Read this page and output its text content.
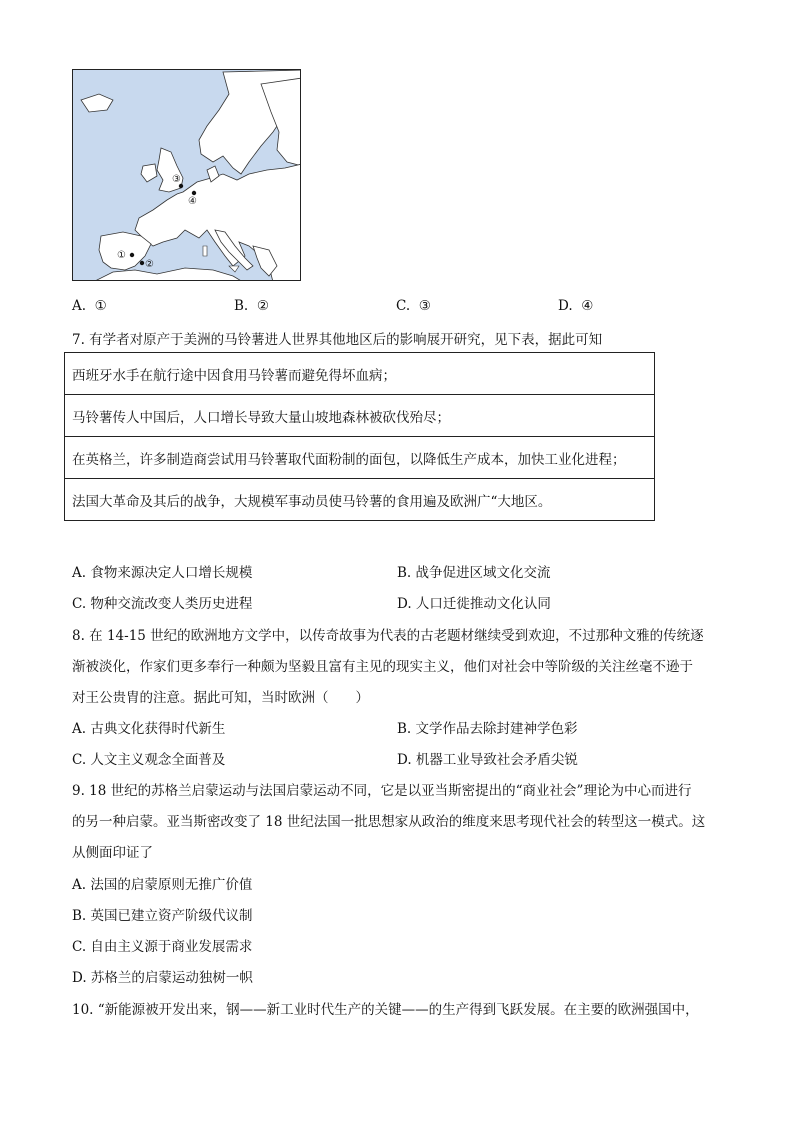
③
④
①
②
A. ①	B. ②	C. ③	D. ④
7. 有学者对原产于美洲的马铃薯进人世界其他地区后的影响展开研究，见下表，据此可知
西班牙水手在航行途中因食用马铃薯而避免得坏血病；
马铃薯传人中国后，人口增长导致大量山坡地森林被砍伐殆尽；
在英格兰，许多制造商尝试用马铃薯取代面粉制的面包，以降低生产成本，加快工业化进程；
法国大革命及其后的战争，大规模军事动员使马铃薯的食用遍及欧洲广“大地区。
A. 食物来源决定人口增长规模	B. 战争促进区域文化交流
C. 物种交流改变人类历史进程	D. 人口迁徙推动文化认同
8. 在 14-15 世纪的欧洲地方文学中，以传奇故事为代表的古老题材继续受到欢迎，不过那种文雅的传统逐
渐被淡化，作家们更多奉行一种颇为坚毅且富有主见的现实主义，他们对社会中等阶级的关注丝毫不逊于
对王公贵胄的注意。据此可知，当时欧洲（　　）
A. 古典文化获得时代新生	B. 文学作品去除封建神学色彩
C. 人文主义观念全面普及	D. 机器工业导致社会矛盾尖锐
9. 18 世纪的苏格兰启蒙运动与法国启蒙运动不同，它是以亚当斯密提出的“商业社会”理论为中心而进行
的另一种启蒙。亚当斯密改变了 18 世纪法国一批思想家从政治的维度来思考现代社会的转型这一模式。这
从侧面印证了
A. 法国的启蒙原则无推广价值
B. 英国已建立资产阶级代议制
C. 自由主义源于商业发展需求
D. 苏格兰的启蒙运动独树一帜
10. “新能源被开发出来，钢——新工业时代生产的关键——的生产得到飞跃发展。在主要的欧洲强国中，
